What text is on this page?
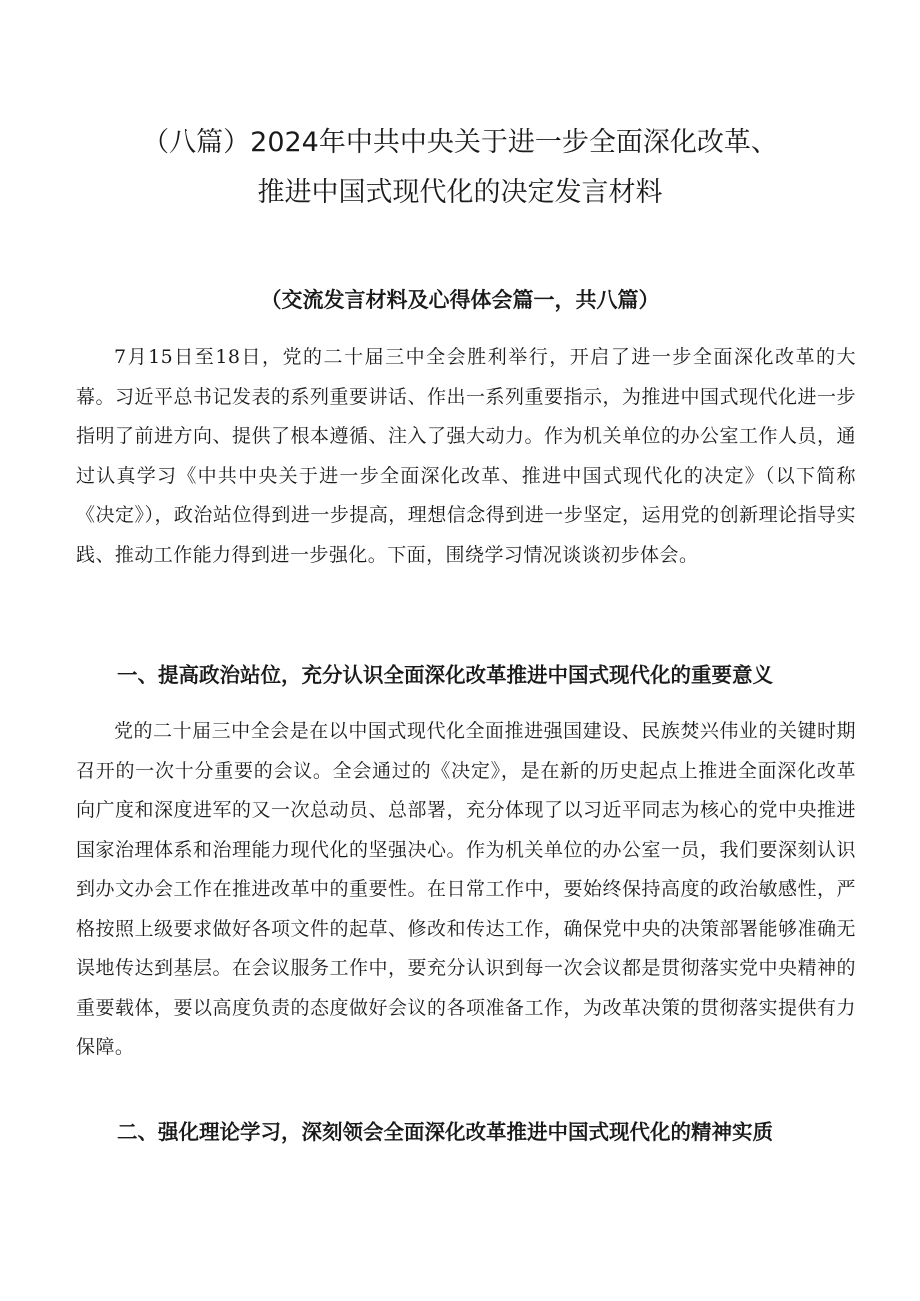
（八篇）2024年中共中央关于进一步全面深化改革、
推进中国式现代化的决定发言材料
（交流发言材料及心得体会篇一，共八篇）

7月15日至18日，党的二十届三中全会胜利举行，开启了进一步全面深化改革的大幕。习近平总书记发表的系列重要讲话、作出一系列重要指示，为推进中国式现代化进一步指明了前进方向、提供了根本遵循、注入了强大动力。作为机关单位的办公室工作人员，通过认真学习《中共中央关于进一步全面深化改革、推进中国式现代化的决定》（以下简称《决定》），政治站位得到进一步提高，理想信念得到进一步坚定，运用党的创新理论指导实践、推动工作能力得到进一步强化。下面，围绕学习情况谈谈初步体会。

一、提高政治站位，充分认识全面深化改革推进中国式现代化的重要意义

党的二十届三中全会是在以中国式现代化全面推进强国建设、民族焚兴伟业的关键时期召开的一次十分重要的会议。全会通过的《决定》，是在新的历史起点上推进全面深化改革向广度和深度进军的又一次总动员、总部署，充分体现了以习近平同志为核心的党中央推进国家治理体系和治理能力现代化的坚强决心。作为机关单位的办公室一员，我们要深刻认识到办文办会工作在推进改革中的重要性。在日常工作中，要始终保持高度的政治敏感性，严格按照上级要求做好各项文件的起草、修改和传达工作，确保党中央的决策部署能够准确无误地传达到基层。在会议服务工作中，要充分认识到每一次会议都是贯彻落实党中央精神的重要载体，要以高度负责的态度做好会议的各项准备工作，为改革决策的贯彻落实提供有力保障。

二、强化理论学习，深刻领会全面深化改革推进中国式现代化的精神实质
